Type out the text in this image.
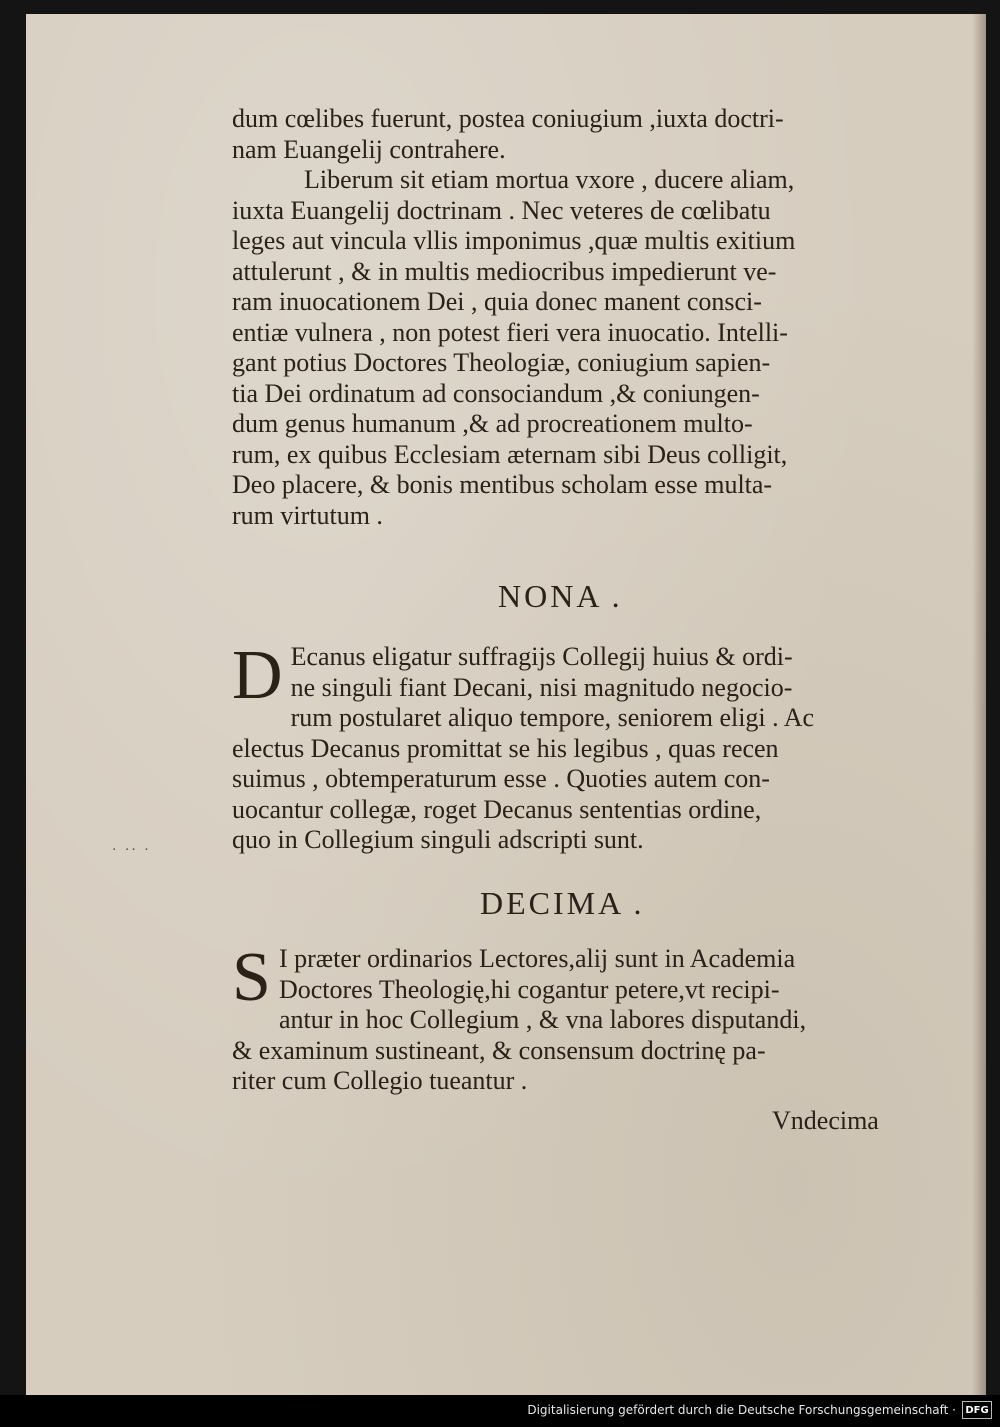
· ·· ·
dum cœlibes fuerunt, postea coniugium ,iuxta doctri-
nam Euangelij contrahere.
Liberum sit etiam mortua vxore , ducere aliam,
iuxta Euangelij doctrinam . Nec veteres de cœlibatu
leges aut vincula vllis imponimus ,quæ multis exitium
attulerunt , & in multis mediocribus impedierunt ve-
ram inuocationem Dei , quia donec manent consci-
entiæ vulnera , non potest fieri vera inuocatio. Intelli-
gant potius Doctores Theologiæ, coniugium sapien-
tia Dei ordinatum ad consociandum ,& coniungen-
dum genus humanum ,& ad procreationem multo-
rum, ex quibus Ecclesiam æternam sibi Deus colligit,
Deo placere, & bonis mentibus scholam esse multa-
rum virtutum .
NONA .
D Ecanus eligatur suffragijs Collegij huius & ordi-
ne singuli fiant Decani, nisi magnitudo negocio-
rum postularet aliquo tempore, seniorem eligi . Ac
electus Decanus promittat se his legibus , quas recen
suimus , obtemperaturum esse . Quoties autem con-
uocantur collegæ, roget Decanus sententias ordine,
quo in Collegium singuli adscripti sunt.
DECIMA .
S I præter ordinarios Lectores,alij sunt in Academia
Doctores Theologię,hi cogantur petere,vt recipi-
antur in hoc Collegium , & vna labores disputandi,
& examinum sustineant, & consensum doctrinę pa-
riter cum Collegio tueantur .
Vndecima
Digitalisierung gefördert durch die Deutsche Forschungsgemeinschaft · DFG
